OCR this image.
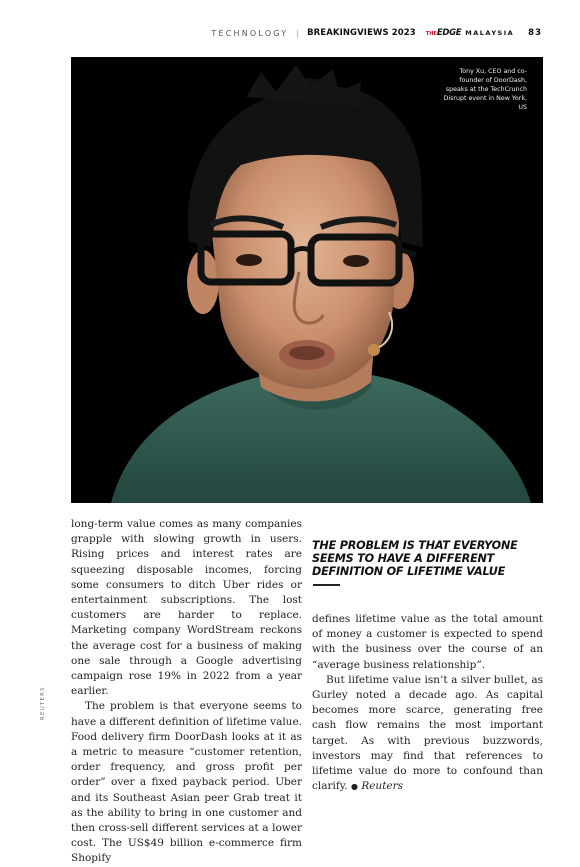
TECHNOLOGY | BREAKINGVIEWS 2023 THE EDGE MALAYSIA 83
Tony Xu, CEO and co-founder of DoorDash, speaks at the TechCrunch Disrupt event in New York, US

long-term value comes as many companies grapple with slowing growth in users. Rising prices and interest rates are squeezing disposable incomes, forcing some consumers to ditch Uber rides or entertainment subscriptions. The lost customers are harder to replace. Marketing company WordStream reckons the average cost for a business of making one sale through a Google advertising campaign rose 19% in 2022 from a year earlier.

The problem is that everyone seems to have a different definition of lifetime value. Food delivery firm DoorDash looks at it as a metric to measure “customer retention, order frequency, and gross profit per order” over a fixed payback period. Uber and its Southeast Asian peer Grab treat it as the ability to bring in one customer and then cross-sell different services at a lower cost. The US$49 billion e-commerce firm Shopify

THE PROBLEM IS THAT EVERYONE SEEMS TO HAVE A DIFFERENT DEFINITION OF LIFETIME VALUE

defines lifetime value as the total amount of money a customer is expected to spend with the business over the course of an “average business relationship”.

But lifetime value isn’t a silver bullet, as Gurley noted a decade ago. As capital becomes more scarce, generating free cash flow remains the most important target. As with previous buzzwords, investors may find that references to lifetime value do more to confound than clarify. ● Reuters

REUTERS
